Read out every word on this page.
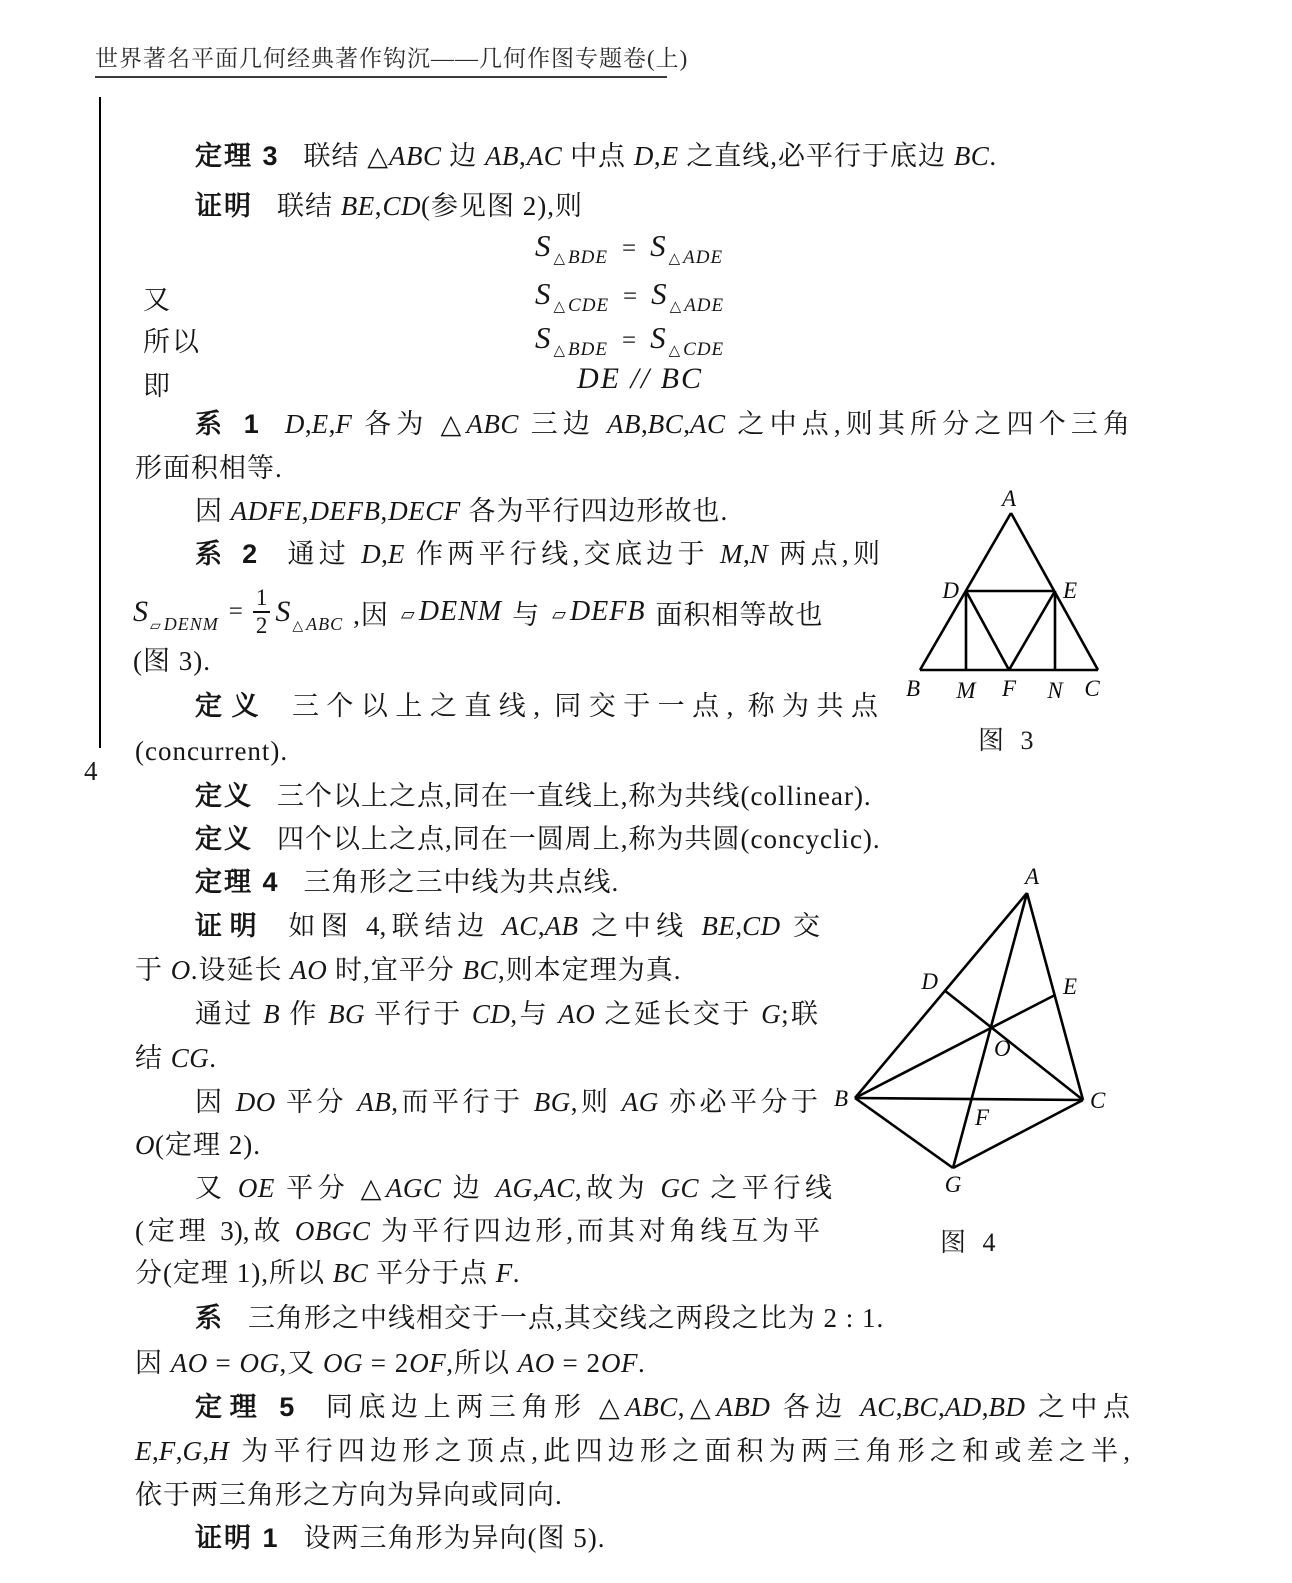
世界著名平面几何经典著作钩沉——几何作图专题卷(上)
4
定理 3 联结 △ABC 边 AB,AC 中点 D,E 之直线,必平行于底边 BC.
证明 联结 BE,CD(参见图 2),则
S △ BDE = S △ ADE
又	S △ CDE = S △ ADE
所以	S △ BDE = S △ CDE
即	DE // BC
系 1 D,E,F 各为 △ABC 三边 AB,BC,AC 之中点,则其所分之四个三角
形面积相等.
因 ADFE,DEFB,DECF 各为平行四边形故也.
系 2 通过 D,E 作两平行线,交底边于 M,N 两点,则
S ▱ DENM = $\frac{1}{2}$ S △ ABC ,因 ▱ DENM 与 ▱ DEFB 面积相等故也
(图 3).
定义 三个以上之直线, 同交于一点, 称为共点
(concurrent).
定义 三个以上之点,同在一直线上,称为共线(collinear).
定义 四个以上之点,同在一圆周上,称为共圆(concyclic).
定理 4 三角形之三中线为共点线.
证明 如图 4,联结边 AC,AB 之中线 BE,CD 交
于 O.设延长 AO 时,宜平分 BC,则本定理为真.
通过 B 作 BG 平行于 CD,与 AO 之延长交于 G;联
结 CG.
因 DO 平分 AB,而平行于 BG,则 AG 亦必平分于
O(定理 2).
又 OE 平分 △AGC 边 AG,AC,故为 GC 之平行线
(定理 3),故 OBGC 为平行四边形,而其对角线互为平
分(定理 1),所以 BC 平分于点 F.
系 三角形之中线相交于一点,其交线之两段之比为 2 : 1.
因 AO = OG,又 OG = 2OF,所以 AO = 2OF.
定理 5 同底边上两三角形 △ABC,△ABD 各边 AC,BC,AD,BD 之中点
E,F,G,H 为平行四边形之顶点,此四边形之面积为两三角形之和或差之半,
依于两三角形之方向为异向或同向.
证明 1 设两三角形为异向(图 5).
A
D	E
B M F N C
图 3
A
D	E
O
B	C
F
G
图 4
